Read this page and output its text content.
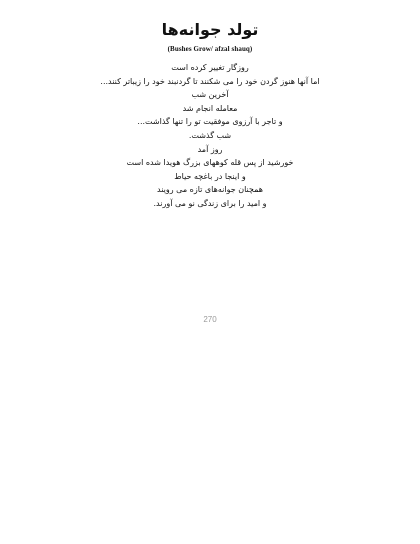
تولد جوانه‌ها
(Bushes Grow/ afzal shauq)
روزگار تغییر کرده است
اما آنها هنوز گردن خود را می شکنند تا گردنبند خود را زیباتر کنند...
آخرین شب
معامله انجام شد
و تاجر با آرزوی موفقیت تو را تنها گذاشت...
شب گذشت.
روز آمد
خورشید از پس قله کوههای بزرگ هویدا شده است
و اینجا در باغچه حیاط
همچنان جوانه‌های تازه می رویند
و امید را برای زندگی نو می آورند.
270
